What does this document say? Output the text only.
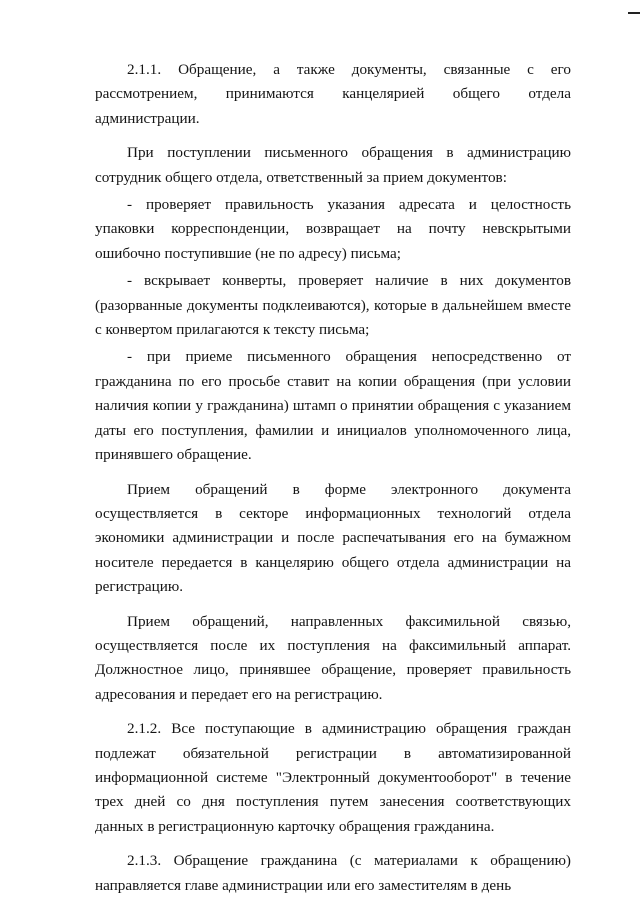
2.1.1. Обращение, а также документы, связанные с его рассмотрением, принимаются канцелярией общего отдела администрации.

При поступлении письменного обращения в администрацию сотрудник общего отдела, ответственный за прием документов:

- проверяет правильность указания адресата и целостность упаковки корреспонденции, возвращает на почту невскрытыми ошибочно поступившие (не по адресу) письма;

- вскрывает конверты, проверяет наличие в них документов (разорванные документы подклеиваются), которые в дальнейшем вместе с конвертом прилагаются к тексту письма;

- при приеме письменного обращения непосредственно от гражданина по его просьбе ставит на копии обращения (при условии наличия копии у гражданина) штамп о принятии обращения с указанием даты его поступления, фамилии и инициалов уполномоченного лица, принявшего обращение.

Прием обращений в форме электронного документа осуществляется в секторе информационных технологий отдела экономики администрации и после распечатывания его на бумажном носителе передается в канцелярию общего отдела администрации на регистрацию.

Прием обращений, направленных факсимильной связью, осуществляется после их поступления на факсимильный аппарат. Должностное лицо, принявшее обращение, проверяет правильность адресования и передает его на регистрацию.

2.1.2. Все поступающие в администрацию обращения граждан подлежат обязательной регистрации в автоматизированной информационной системе "Электронный документооборот" в течение трех дней со дня поступления путем занесения соответствующих данных в регистрационную карточку обращения гражданина.

2.1.3. Обращение гражданина (с материалами к обращению) направляется главе администрации или его заместителям в день
